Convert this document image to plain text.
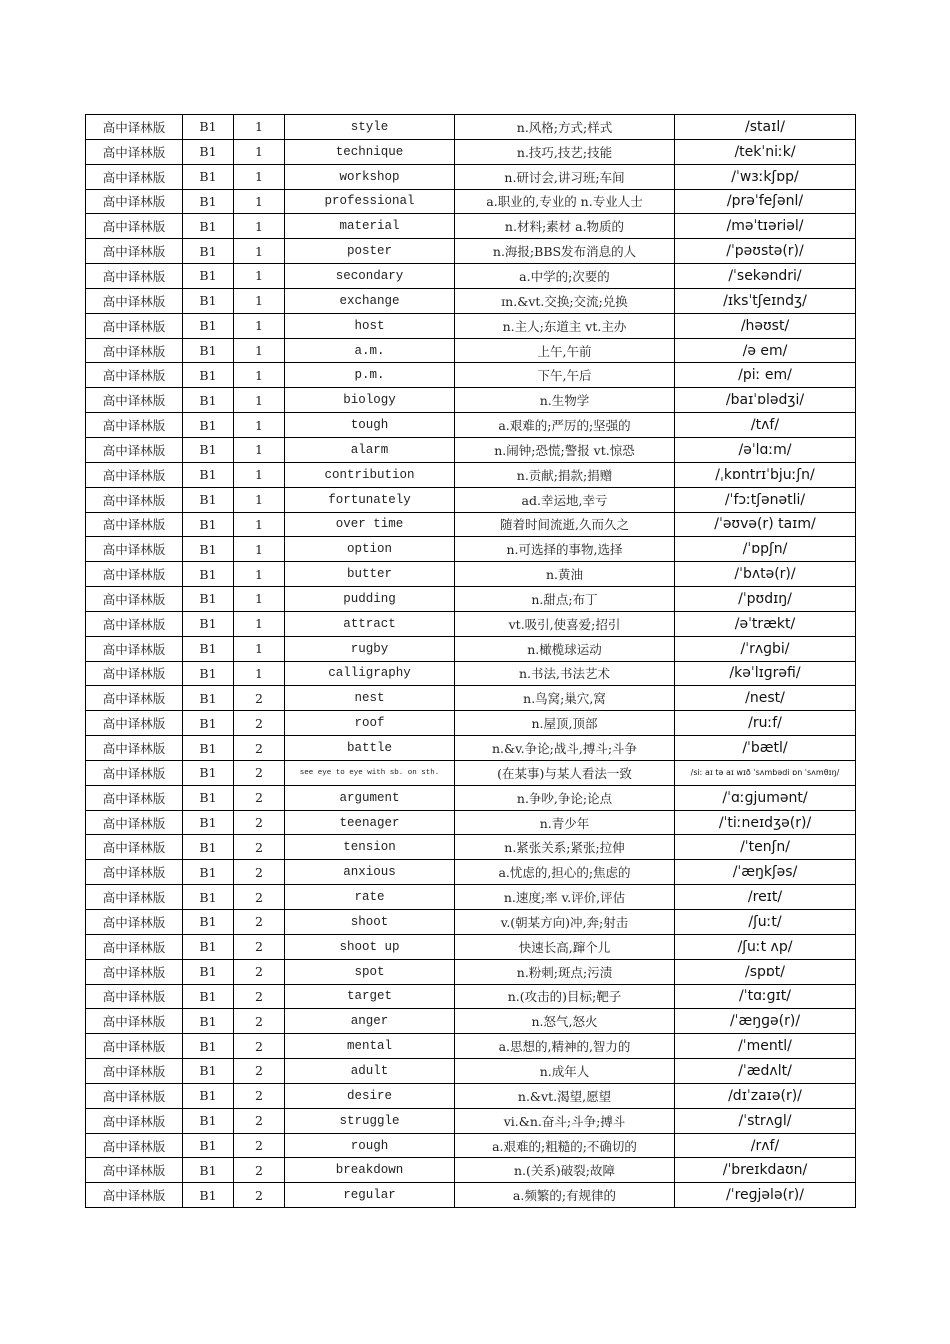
高中译林版	B1	1	style	n.风格;方式;样式	/staɪl/
高中译林版	B1	1	technique	n.技巧,技艺;技能	/tekˈniːk/
高中译林版	B1	1	workshop	n.研讨会,讲习班;车间	/ˈwɜːkʃɒp/
高中译林版	B1	1	professional	a.职业的,专业的 n.专业人士	/prəˈfeʃənl/
高中译林版	B1	1	material	n.材料;素材 a.物质的	/məˈtɪəriəl/
高中译林版	B1	1	poster	n.海报;BBS发布消息的人	/ˈpəʊstə(r)/
高中译林版	B1	1	secondary	a.中学的;次要的	/ˈsekəndri/
高中译林版	B1	1	exchange	ɪn.&vt.交换;交流;兑换	/ɪksˈtʃeɪndʒ/
高中译林版	B1	1	host	n.主人;东道主 vt.主办	/həʊst/
高中译林版	B1	1	a.m.	上午,午前	/ə em/
高中译林版	B1	1	p.m.	下午,午后	/piː em/
高中译林版	B1	1	biology	n.生物学	/baɪˈɒlədʒi/
高中译林版	B1	1	tough	a.艰难的;严厉的;坚强的	/tʌf/
高中译林版	B1	1	alarm	n.闹钟;恐慌;警报 vt.惊恐	/əˈlɑːm/
高中译林版	B1	1	contribution	n.贡献;捐款;捐赠	/ˌkɒntrɪˈbjuːʃn/
高中译林版	B1	1	fortunately	ad.幸运地,幸亏	/ˈfɔːtʃənətli/
高中译林版	B1	1	over time	随着时间流逝,久而久之	/ˈəʊvə(r) taɪm/
高中译林版	B1	1	option	n.可选择的事物,选择	/ˈɒpʃn/
高中译林版	B1	1	butter	n.黄油	/ˈbʌtə(r)/
高中译林版	B1	1	pudding	n.甜点;布丁	/ˈpʊdɪŋ/
高中译林版	B1	1	attract	vt.吸引,使喜爱;招引	/əˈtrækt/
高中译林版	B1	1	rugby	n.橄榄球运动	/ˈrʌɡbi/
高中译林版	B1	1	calligraphy	n.书法,书法艺术	/kəˈlɪɡrəfi/
高中译林版	B1	2	nest	n.鸟窝;巢穴,窝	/nest/
高中译林版	B1	2	roof	n.屋顶,顶部	/ruːf/
高中译林版	B1	2	battle	n.&v.争论;战斗,搏斗;斗争	/ˈbætl/
高中译林版	B1	2	see eye to eye with sb. on sth.	(在某事)与某人看法一致	/siː aɪ tə aɪ wɪð ˈsʌmbədi ɒn ˈsʌmθɪŋ/
高中译林版	B1	2	argument	n.争吵,争论;论点	/ˈɑːɡjumənt/
高中译林版	B1	2	teenager	n.青少年	/ˈtiːneɪdʒə(r)/
高中译林版	B1	2	tension	n.紧张关系;紧张;拉伸	/ˈtenʃn/
高中译林版	B1	2	anxious	a.忧虑的,担心的;焦虑的	/ˈæŋkʃəs/
高中译林版	B1	2	rate	n.速度;率 v.评价,评估	/reɪt/
高中译林版	B1	2	shoot	v.(朝某方向)冲,奔;射击	/ʃuːt/
高中译林版	B1	2	shoot up	快速长高,蹿个儿	/ʃuːt ʌp/
高中译林版	B1	2	spot	n.粉刺;斑点;污渍	/spɒt/
高中译林版	B1	2	target	n.(攻击的)目标;靶子	/ˈtɑːɡɪt/
高中译林版	B1	2	anger	n.怒气,怒火	/ˈæŋɡə(r)/
高中译林版	B1	2	mental	a.思想的,精神的,智力的	/ˈmentl/
高中译林版	B1	2	adult	n.成年人	/ˈædʌlt/
高中译林版	B1	2	desire	n.&vt.渴望,愿望	/dɪˈzaɪə(r)/
高中译林版	B1	2	struggle	vi.&n.奋斗;斗争;搏斗	/ˈstrʌɡl/
高中译林版	B1	2	rough	a.艰难的;粗糙的;不确切的	/rʌf/
高中译林版	B1	2	breakdown	n.(关系)破裂;故障	/ˈbreɪkdaʊn/
高中译林版	B1	2	regular	a.频繁的;有规律的	/ˈreɡjələ(r)/
